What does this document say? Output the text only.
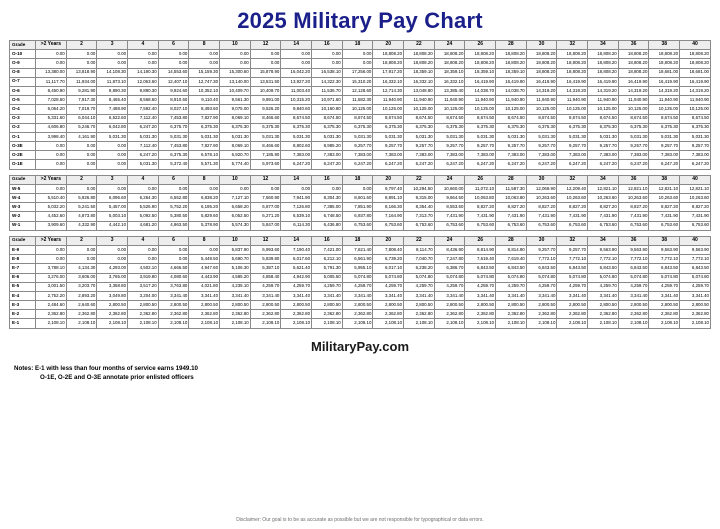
2025 Military Pay Chart
Grade	>2 Years	2	3	4	6	8	10	12	14	16	18	20	22	24	26	28	30	32	34	36	38	40
O-10	0.00	0.00	0.00	0.00	0.00	0.00	0.00	0.00	0.00	0.00	0.00	18,808.20	18,808.20	18,808.20	18,808.20	18,808.20	18,808.20	18,808.20	18,808.20	18,808.20	18,808.20	18,808.20
O-9	0.00	0.00	0.00	0.00	0.00	0.00	0.00	0.00	0.00	0.00	0.00	18,808.20	18,808.20	18,808.20	18,808.20	18,808.20	18,808.20	18,808.20	18,808.20	18,808.20	18,808.20	18,808.20
O-8	13,380.00	13,818.90	14,108.30	14,190.30	14,553.60	15,159.30	15,300.60	15,878.90	16,042.20	16,538.10	17,256.00	17,917.20	18,359.10	18,359.10	18,359.10	18,359.10	18,808.20	18,808.20	18,808.20	18,808.20	18,681.00	18,681.00
O-7	11,117.70	11,934.00	11,873.10	12,063.60	12,407.10	12,747.30	13,140.00	13,531.50	13,927.20	14,322.30	15,310.20	16,332.10	16,332.10	16,332.10	16,419.90	16,419.90	16,419.90	16,419.90	16,419.90	16,419.90	16,419.90	16,419.90
O-6	8,450.90	9,281.90	9,890.30	9,890.30	9,924.60	10,352.10	10,409.70	10,409.70	11,003.40	11,536.70	12,128.60	12,714.30	13,048.80	13,385.40	14,038.70	14,038.70	14,319.20	14,319.20	14,319.20	14,319.20	14,319.20	14,319.20
O-5	7,028.60	7,917.30	8,465.40	8,568.60	8,910.60	9,110.40	9,561.30	9,891.00	10,315.20	10,971.60	11,582.30	11,940.90	11,940.90	11,940.90	11,940.90	11,940.90	11,940.90	11,940.90	11,940.90	11,940.90	11,940.90	11,940.90
O-4	6,064.20	7,019.70	7,488.90	7,592.40	8,027.10	8,493.60	9,075.00	9,526.20	9,840.60	10,160.80	10,125.00	10,125.00	10,125.00	10,125.00	10,125.00	10,125.00	10,125.00	10,125.00	10,125.00	10,125.00	10,125.00	10,125.00
O-3	5,331.60	6,044.10	6,522.60	7,112.40	7,453.80	7,827.90	8,069.10	8,466.60	8,674.50	8,674.50	8,674.50	8,674.50	8,674.50	8,674.50	8,674.50	8,674.50	8,674.50	8,674.50	8,674.50	8,674.50	8,674.50	8,674.50
O-2	4,606.80	5,246.70	6,042.80	6,247.20	6,375.70	6,375.30	6,375.30	6,375.30	6,375.30	6,375.30	6,375.30	6,375.30	6,375.30	6,375.30	6,375.30	6,375.30	6,375.30	6,375.30	6,375.30	6,375.30	6,375.30	6,375.30
O-1	3,998.40	4,161.90	5,031.30	5,031.30	5,031.30	5,031.30	5,031.30	5,031.30	5,031.30	5,031.30	5,031.30	5,031.30	5,031.30	5,031.30	5,031.30	5,031.30	5,031.30	5,031.30	5,031.30	5,031.30	5,031.30	5,031.30
O-3E	0.00	0.00	0.00	7,112.40	7,453.80	7,827.90	8,069.10	8,466.60	8,802.60	8,985.20	9,257.70	9,257.70	9,257.70	9,257.70	9,257.70	9,257.70	9,257.70	9,257.70	9,257.70	9,257.70	9,257.70	9,257.70
O-2E	0.00	0.00	0.00	6,247.20	6,375.30	6,578.10	6,920.70	7,185.90	7,383.00	7,383.00	7,383.00	7,383.00	7,383.00	7,383.00	7,383.00	7,383.00	7,383.00	7,383.00	7,383.00	7,383.00	7,383.00	7,383.00
O-1E	0.00	0.00	0.00	5,031.30	5,372.40	5,571.30	5,774.40	5,973.60	6,247.20	6,247.20	6,247.20	6,247.20	6,247.20	6,247.20	6,247.20	6,247.20	6,247.20	6,247.20	6,247.20	6,247.20	6,247.20	6,247.20

Grade	>2 Years	2	3	4	6	8	10	12	14	16	18	20	22	24	26	28	30	32	34	36	38	40
W-5	0.00	0.00	0.00	0.00	0.00	0.00	0.00	0.00	0.00	0.00	0.00	9,797.40	10,294.50	10,660.00	11,072.10	11,587.30	12,069.90	12,209.40	12,821.10	12,821.10	12,821.10	12,821.10
W-4	5,510.40	5,926.80	6,096.60	6,264.30	6,552.80	6,838.20	7,127.10	7,560.90	7,941.90	8,304.30	8,601.60	8,891.10	9,315.00	9,664.50	10,063.80	10,063.80	10,263.60	10,263.60	10,263.60	10,263.60	10,263.60	10,263.60
W-3	5,032.20	5,241.50	5,457.00	5,526.90	5,752.20	6,195.20	6,658.20	6,877.00	7,126.80	7,385.00	7,851.90	8,166.30	8,354.40	8,553.50	8,827.20	8,827.20	8,827.20	8,827.20	8,827.20	8,827.20	8,827.20	8,827.20
W-2	4,452.60	4,873.80	5,003.10	5,092.50	5,380.50	5,829.60	6,052.50	6,271.20	6,539.10	6,748.50	6,937.80	7,164.90	7,313.70	7,431.90	7,431.90	7,431.90	7,431.90	7,431.90	7,431.90	7,431.90	7,431.90	7,431.90
W-1	3,909.60	4,332.90	4,442.10	4,681.20	4,963.50	5,378.90	5,574.30	5,847.00	6,114.30	6,436.80	6,753.60	6,753.60	6,753.60	6,753.60	6,753.60	6,753.60	6,753.60	6,753.60	6,753.60	6,753.60	6,753.60	6,753.60

Grade	>2 Years	2	3	4	6	8	10	12	14	16	18	20	22	24	26	28	30	32	34	36	38	40
E-9	0.00	0.00	0.00	0.00	0.00	0.00	6,837.90	6,993.60	7,190.40	7,421.00	7,621.40	7,808.40	8,114.70	8,436.90	8,814.90	8,814.90	9,257.70	9,257.70	9,563.90	9,563.90	9,563.90	9,563.90
E-8	0.00	0.00	0.00	0.00	0.00	5,449.50	5,690.70	5,839.80	6,017.60	6,212.10	6,561.90	6,739.20	7,040.70	7,247.80	7,619.40	7,619.40	7,772.10	7,772.10	7,772.10	7,772.10	7,772.10	7,772.10
E-7	3,788.10	4,134.30	4,293.00	4,502.10	4,666.50	4,947.60	5,106.30	5,387.10	5,621.40	5,791.30	5,955.10	6,017.10	6,238.20	6,386.70	6,843.50	6,843.50	6,843.50	6,843.50	6,843.50	6,843.50	6,843.50	6,843.50
E-6	3,276.00	3,606.00	3,765.00	3,919.80	4,080.60	4,443.90	4,585.20	4,858.40	4,942.90	5,005.50	5,074.80	5,074.80	5,074.80	5,074.80	5,074.80	5,074.80	5,074.80	5,074.80	5,074.80	5,074.80	5,074.80	5,074.80
E-5	3,001.50	3,203.70	3,358.80	3,517.20	3,763.80	4,021.80	4,235.10	4,259.70	4,259.70	4,259.70	4,259.70	4,259.70	4,259.70	4,259.70	4,259.70	4,259.70	4,259.70	4,259.70	4,259.70	4,259.70	4,259.70	4,259.70
E-4	2,752.20	2,893.20	3,049.80	3,204.00	3,341.40	3,341.40	3,341.40	3,341.40	3,341.40	3,341.40	3,341.40	3,341.40	3,341.40	3,341.40	3,341.40	3,341.40	3,341.40	3,341.40	3,341.40	3,341.40	3,341.40	3,341.40
E-3	2,484.60	2,640.60	2,800.50	2,800.50	2,800.50	2,800.50	2,800.50	2,800.50	2,800.50	2,800.50	2,800.50	2,800.50	2,800.50	2,800.50	2,800.50	2,800.50	2,800.50	2,800.50	2,800.50	2,800.50	2,800.50	2,800.50
E-2	2,362.80	2,362.80	2,362.80	2,362.80	2,362.80	2,362.80	2,362.80	2,362.80	2,362.80	2,362.80	2,362.80	2,362.80	2,362.80	2,362.80	2,362.80	2,362.80	2,362.80	2,362.80	2,362.80	2,362.80	2,362.80	2,362.80
E-1	2,108.10	2,108.10	2,108.10	2,108.10	2,108.10	2,108.10	2,108.10	2,108.10	2,108.10	2,108.10	2,108.10	2,108.10	2,108.10	2,108.10	2,108.10	2,108.10	2,108.10	2,108.10	2,108.10	2,108.10	2,108.10	2,108.10
MilitaryPay.com
Notes: E-1 with less than four months of service earns 1949.10
O-1E, O-2E and O-3E annotate prior enlisted officers
Disclaimer: Our goal is to be as accurate as possible but we are not responsible for typographical or data errors.
